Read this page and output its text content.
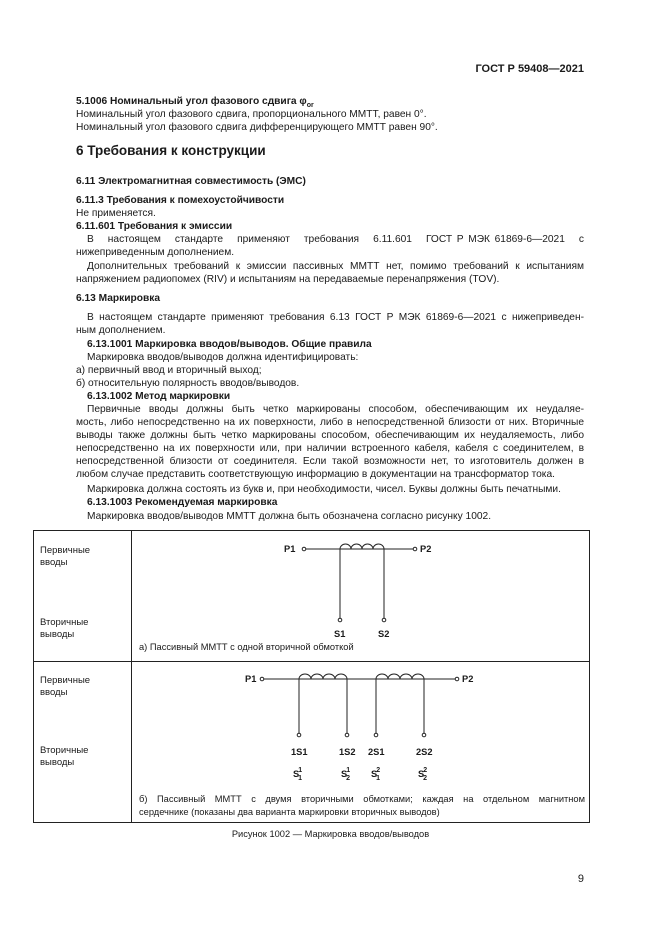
ГОСТ Р 59408—2021
5.1006 Номинальный угол фазового сдвига $\varphi_{or}$
Номинальный угол фазового сдвига, пропорционального ММТТ, равен 0°.
Номинальный угол фазового сдвига дифференцирующего ММТТ равен 90°.
6 Требования к конструкции
6.11 Электромагнитная совместимость (ЭМС)
6.11.3 Требования к помехоустойчивости
Не применяется.
6.11.601 Требования к эмиссии
В   настоящем   стандарте   применяют   требования   6.11.601   ГОСТ Р МЭК 61869-6—2021   с
нижеприведенным дополнением.
Дополнительных требований к эмиссии пассивных ММТТ нет, помимо требований к испытаниям
напряжением радиопомех (RIV) и испытаниям на передаваемые перенапряжения (TOV).
6.13 Маркировка
В настоящем стандарте применяют требования 6.13 ГОСТ Р МЭК 61869-6—2021 с нижеприведен-
ным дополнением.
6.13.1001 Маркировка вводов/выводов. Общие правила
Маркировка вводов/выводов должна идентифицировать:
а) первичный ввод и вторичный выход;
б) относительную полярность вводов/выводов.
6.13.1002 Метод маркировки
Первичные вводы должны быть четко маркированы способом, обеспечивающим их неудаляе-
мость, либо непосредственно на их поверхности, либо в непосредственной близости от них. Вторичные
выводы также должны быть четко маркированы способом, обеспечивающим их неудаляемость, либо
непосредственно на их поверхности или, при наличии встроенного кабеля, кабеля с соединителем, в
непосредственной близости от соединителя. Если такой возможности нет, то изготовитель должен в
любом случае представить соответствующую информацию в документации на трансформатор тока.
Маркировка должна состоять из букв и, при необходимости, чисел. Буквы должны быть печатными.
6.13.1003 Рекомендуемая маркировка
Маркировка вводов/выводов ММТТ должна быть обозначена согласно рисунку 1002.
Первичные
вводы
Вторичные
выводы
P1	P2
S1	S2
а) Пассивный ММТТ с одной вторичной обмоткой
Первичные
вводы
Вторичные
выводы
P1	P2
1S1	1S2 2S1	2S2
$S^1_1$	$S^1_2$ $S^2_1$	$S^2_2$
б) Пассивный ММТТ с двумя вторичными обмотками; каждая на отдельном магнитном
сердечнике (показаны два варианта маркировки вторичных выводов)
Рисунок 1002 — Маркировка вводов/выводов
9
